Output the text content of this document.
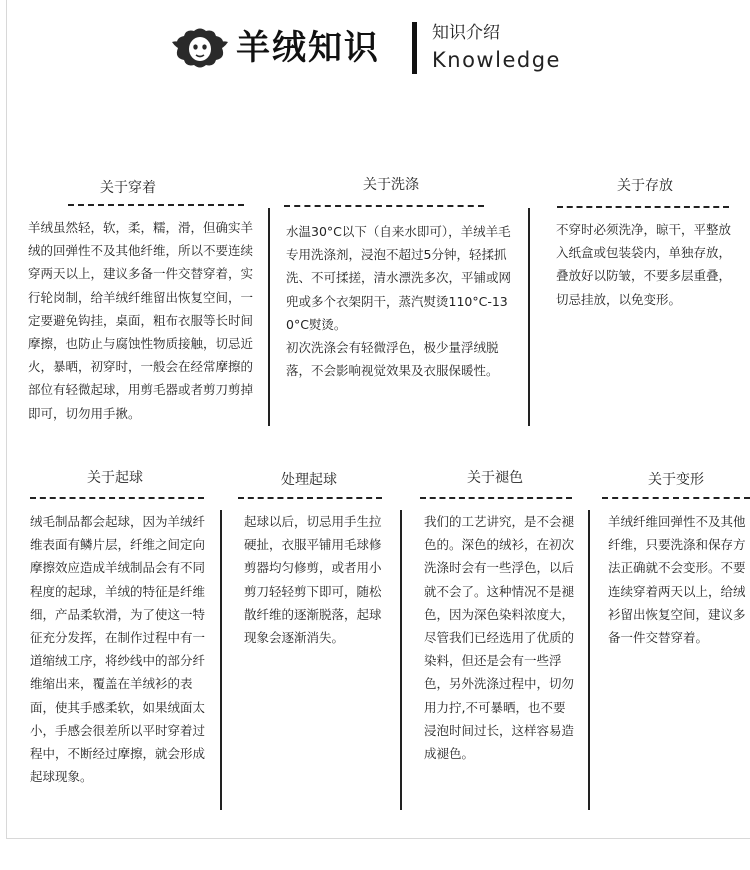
羊绒知识	知识介绍
Knowledge
关于穿着
羊绒虽然轻，软，柔，糯，滑，但确实羊绒的回弹性不及其他纤维，所以不要连续穿两天以上，建议多备一件交替穿着，实行轮岗制，给羊绒纤维留出恢复空间，一定要避免钩挂，桌面，粗布衣服等长时间摩擦，也防止与腐蚀性物质接触，切忌近火，暴晒，初穿时，一般会在经常摩擦的部位有轻微起球，用剪毛器或者剪刀剪掉即可，切勿用手揪。
关于洗涤

水温30°C以下（自来水即可），羊绒羊毛专用洗涤剂，浸泡不超过5分钟，轻揉抓洗、不可揉搓，清水漂洗多次，平铺或网兜或多个衣架阴干，蒸汽熨烫110°C-130°C熨烫。

初次洗涤会有轻微浮色，极少量浮绒脱落，不会影响视觉效果及衣服保暖性。

关于存放
不穿时必须洗净，晾干，平整放入纸盒或包装袋内，单独存放，叠放好以防皱，不要多层重叠，切忌挂放，以免变形。
关于起球
绒毛制品都会起球，因为羊绒纤维表面有鳞片层，纤维之间定向摩擦效应造成羊绒制品会有不同程度的起球，羊绒的特征是纤维细，产品柔软滑，为了使这一特征充分发挥，在制作过程中有一道缩绒工序，将纱线中的部分纤维缩出来，覆盖在羊绒衫的表面，使其手感柔软，如果绒面太小，手感会很差所以平时穿着过程中，不断经过摩擦，就会形成起球现象。
处理起球
起球以后，切忌用手生拉硬扯，衣服平铺用毛球修剪器均匀修剪，或者用小剪刀轻轻剪下即可，随松散纤维的逐渐脱落，起球现象会逐渐消失。
关于褪色
我们的工艺讲究，是不会褪色的。深色的绒衫，在初次洗涤时会有一些浮色，以后就不会了。这种情况不是褪色，因为深色染料浓度大，尽管我们已经选用了优质的染料，但还是会有一些浮色，另外洗涤过程中，切勿用力拧,不可暴晒，也不要浸泡时间过长，这样容易造成褪色。
关于变形
羊绒纤维回弹性不及其他纤维，只要洗涤和保存方法正确就不会变形。不要连续穿着两天以上，给绒衫留出恢复空间，建议多备一件交替穿着。
